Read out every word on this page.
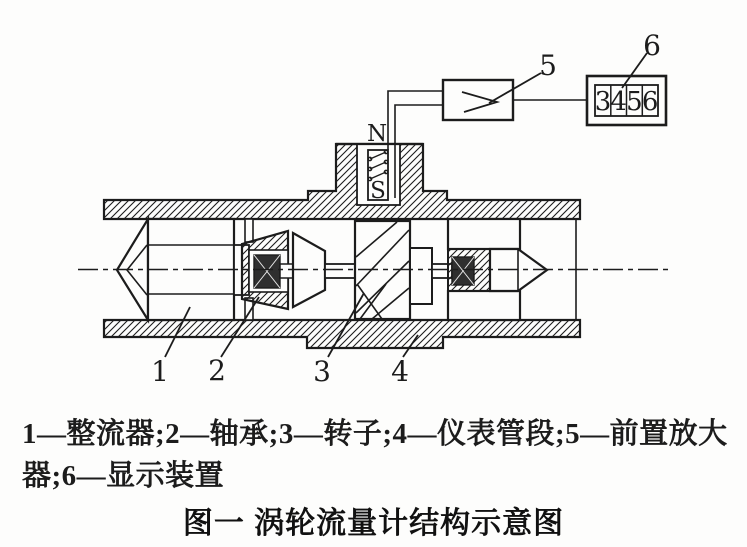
N
S
3 4 5 6
1 2	3 4
5
6
1—整流器;2—轴承;3—转子;4—仪表管段;5—前置放大
器;6—显示装置
图一 涡轮流量计结构示意图
